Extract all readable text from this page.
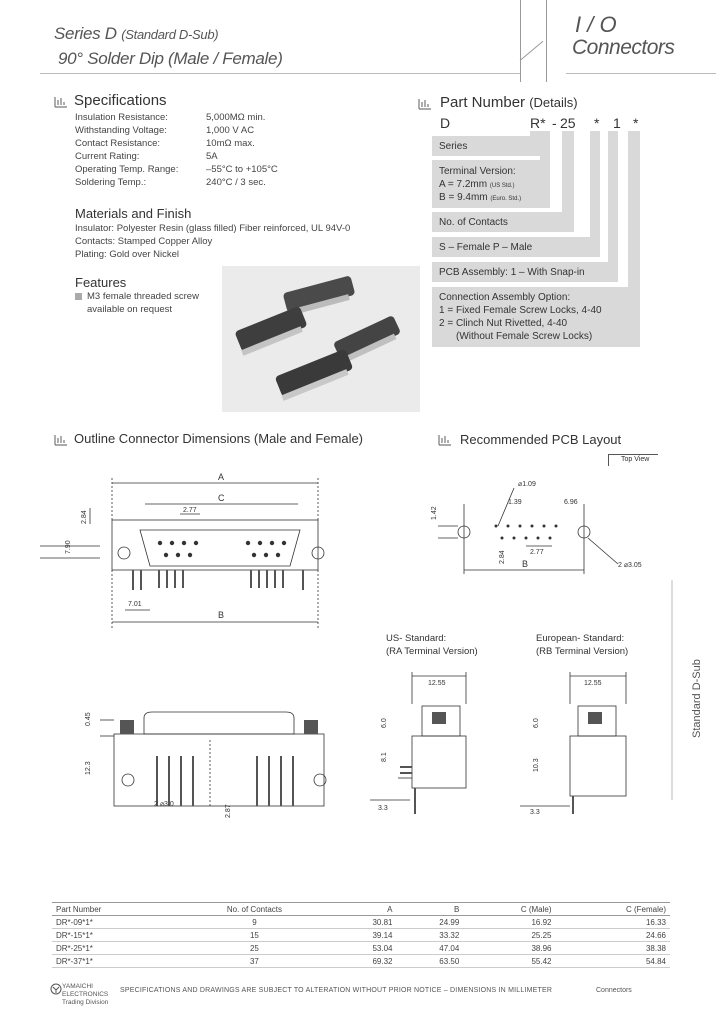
Series D (Standard D-Sub)
90° Solder Dip (Male / Female)
I / O
Connectors
Specifications
Insulation Resistance:	5,000MΩ min.
Withstanding Voltage:	1,000 V AC
Contact Resistance:	10mΩ max.
Current Rating:	5A
Operating Temp. Range:	–55°C to +105°C
Soldering Temp.:	240°C / 3 sec.
Materials and Finish
Insulator: Polyester Resin (glass filled) Fiber reinforced, UL 94V-0
Contacts: Stamped Copper Alloy
Plating: Gold over Nickel
Features
M3 female threaded screw
available on request
Part Number (Details)
D	R* - 25 * 1 *
Series
Terminal Version:
A = 7.2mm (US Std.)
B = 9.4mm (Euro. Std.)
No. of Contacts
S – Female P – Male
PCB Assembly: 1 – With Snap-in
Connection Assembly Option:
1 = Fixed Female Screw Locks, 4-40
2 = Clinch Nut Rivetted, 4-40
(Without Female Screw Locks)
Outline Connector Dimensions (Male and Female)
A
C
2.77
7.01
B
7.90
2.84
0.45
12.3
2 ⌀3.0	2.87
Recommended PCB Layout
Top View
⌀1.09
1.39	6.96
1.42
2.77
2.84 B	2 ⌀3.05
US- Standard:
(RA Terminal Version)
12.55
6.0
8.1
3.3
European- Standard:
(RB Terminal Version)
12.55
6.0
10.3
3.3
Standard D-Sub
Part Number	No. of Contacts	A	B	C (Male)	C (Female)
DR*-09*1*	9	30.81	24.99	16.92	16.33
DR*-15*1*	15	39.14	33.32	25.25	24.66
DR*-25*1*	25	53.04	47.04	38.96	38.38
DR*-37*1*	37	69.32	63.50	55.42	54.84
YAMAICHI
ELECTRONICS
Trading Division
SPECIFICATIONS AND DRAWINGS ARE SUBJECT TO ALTERATION WITHOUT PRIOR NOTICE – DIMENSIONS IN MILLIMETER	Connectors
